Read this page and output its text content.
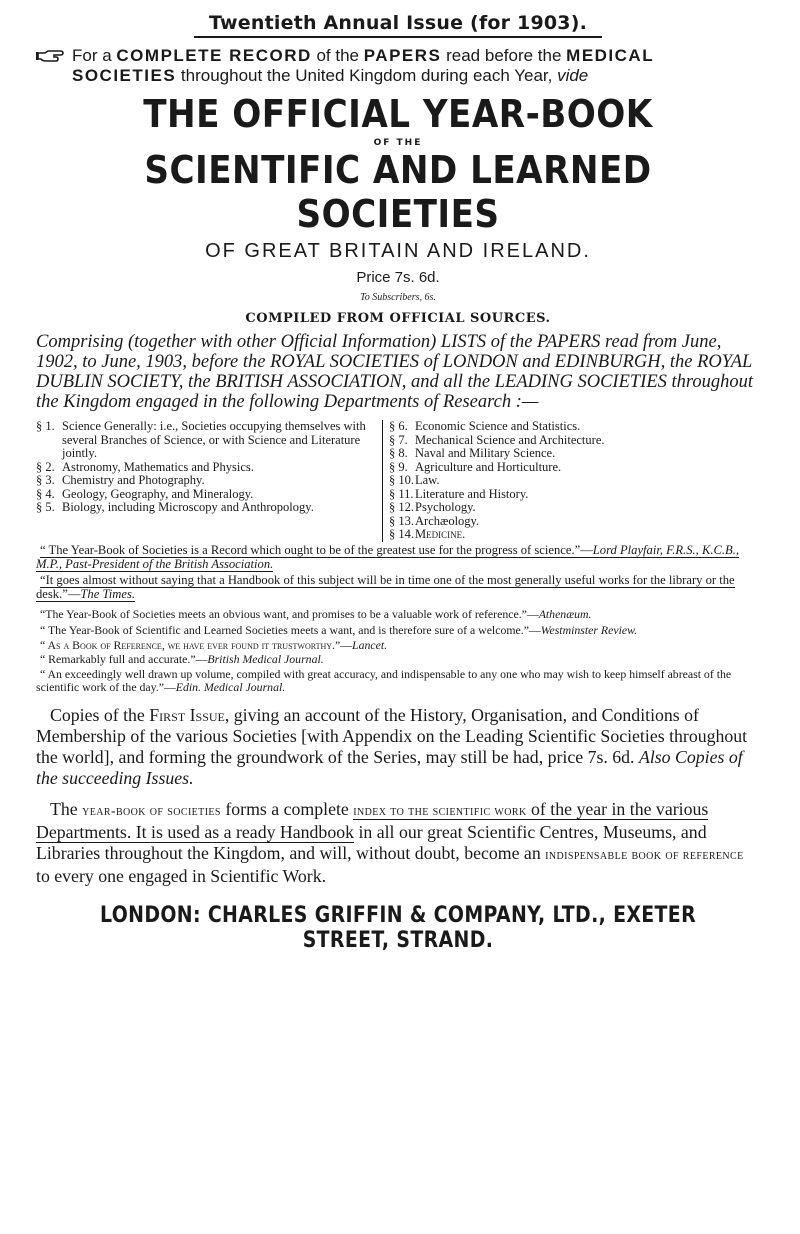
Twentieth Annual Issue (for 1903).
For a COMPLETE RECORD of the PAPERS read before the MEDICAL SOCIETIES throughout the United Kingdom during each Year, vide
THE OFFICIAL YEAR-BOOK
OF THE
SCIENTIFIC AND LEARNED SOCIETIES
OF GREAT BRITAIN AND IRELAND.
Price 7s. 6d.
To Subscribers, 6s.
COMPILED FROM OFFICIAL SOURCES.
Comprising (together with other Official Information) LISTS of the PAPERS read from June, 1902, to June, 1903, before the ROYAL SOCIETIES of LONDON and EDINBURGH, the ROYAL DUBLIN SOCIETY, the BRITISH ASSOCIATION, and all the LEADING SOCIETIES throughout the Kingdom engaged in the following Departments of Research :—
§ 1. Science Generally: i.e., Societies occupying themselves with several Branches of Science, or with Science and Literature jointly.
§ 2. Astronomy, Mathematics and Physics.
§ 3. Chemistry and Photography.
§ 4. Geology, Geography, and Mineralogy.
§ 5. Biology, including Microscopy and Anthropology.
§ 6. Economic Science and Statistics.
§ 7. Mechanical Science and Architecture.
§ 8. Naval and Military Science.
§ 9. Agriculture and Horticulture.
§ 10. Law.
§ 11. Literature and History.
§ 12. Psychology.
§ 13. Archæology.
§ 14. Medicine.

“ The Year-Book of Societies is a Record which ought to be of the greatest use for the progress of science.”—Lord Playfair, F.R.S., K.C.B., M.P., Past-President of the British Association.

“It goes almost without saying that a Handbook of this subject will be in time one of the most generally useful works for the library or the desk.”—The Times.

“The Year-Book of Societies meets an obvious want, and promises to be a valuable work of reference.”—Athenæum.

“ The Year-Book of Scientific and Learned Societies meets a want, and is therefore sure of a welcome.”—Westminster Review.

“ As a Book of Reference, we have ever found it trustworthy.”—Lancet.

“ Remarkably full and accurate.”—British Medical Journal.

“ An exceedingly well drawn up volume, compiled with great accuracy, and indispensable to any one who may wish to keep himself abreast of the scientific work of the day.”—Edin. Medical Journal.

Copies of the First Issue, giving an account of the History, Organisation, and Conditions of Membership of the various Societies [with Appendix on the Leading Scientific Societies throughout the world], and forming the groundwork of the Series, may still be had, price 7s. 6d. Also Copies of the succeeding Issues.
The year-book of societies forms a complete index to the scientific work of the year in the various Departments. It is used as a ready Handbook in all our great Scientific Centres, Museums, and Libraries throughout the Kingdom, and will, without doubt, become an indispensable book of reference to every one engaged in Scientific Work.
LONDON: CHARLES GRIFFIN & COMPANY, LTD., EXETER STREET, STRAND.
